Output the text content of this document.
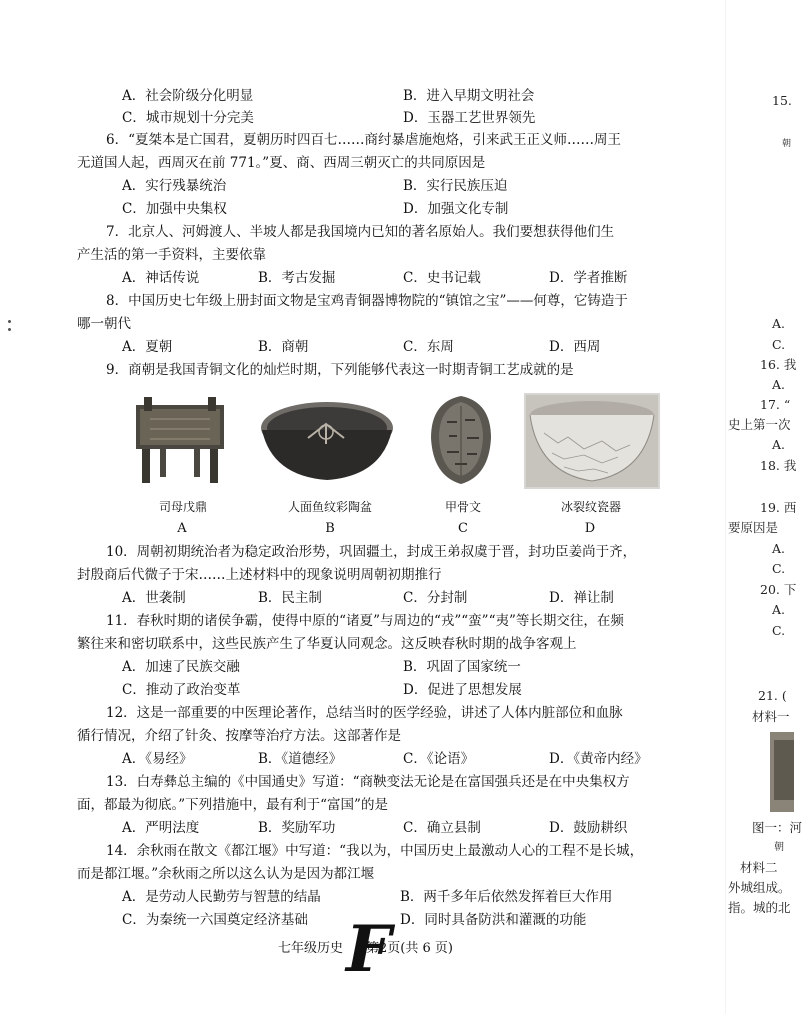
A．社会阶级分化明显	B．进入早期文明社会
C．城市规划十分完美	D．玉器工艺世界领先
6．“夏桀本是亡国君，夏朝历时四百七……商纣暴虐施炮烙，引来武王正义师……周王
无道国人起，西周灭在前 771。”夏、商、西周三朝灭亡的共同原因是
A．实行残暴统治	B．实行民族压迫
C．加强中央集权	D．加强文化专制
7．北京人、河姆渡人、半坡人都是我国境内已知的著名原始人。我们要想获得他们生
产生活的第一手资料，主要依靠
A．神话传说	B．考古发掘	C．史书记载	D．学者推断
8．中国历史七年级上册封面文物是宝鸡青铜器博物院的“镇馆之宝”——何尊，它铸造于
哪一朝代
A．夏朝	B．商朝	C．东周	D．西周
9．商朝是我国青铜文化的灿烂时期，下列能够代表这一时期青铜工艺成就的是
司母戊鼎	人面鱼纹彩陶盆	甲骨文	冰裂纹瓷器
A	B	C	D
10．周朝初期统治者为稳定政治形势，巩固疆土，封成王弟叔虞于晋，封功臣姜尚于齐，
封殷商后代微子于宋……上述材料中的现象说明周朝初期推行
A．世袭制	B．民主制	C．分封制	D．禅让制
11．春秋时期的诸侯争霸，使得中原的“诸夏”与周边的“戎”“蛮”“夷”等长期交往，在频
繁往来和密切联系中，这些民族产生了华夏认同观念。这反映春秋时期的战争客观上
A．加速了民族交融	B．巩固了国家统一
C．推动了政治变革	D．促进了思想发展
12．这是一部重要的中医理论著作，总结当时的医学经验，讲述了人体内脏部位和血脉
循行情况，介绍了针灸、按摩等治疗方法。这部著作是
A．《易经》	B．《道德经》	C．《论语》	D．《黄帝内经》
13．白寿彝总主编的《中国通史》写道：“商鞅变法无论是在富国强兵还是在中央集权方
面，都最为彻底。”下列措施中，最有利于“富国”的是
A．严明法度	B．奖励军功	C．确立县制	D．鼓励耕织
14．余秋雨在散文《都江堰》中写道：“我以为，中国历史上最激动人心的工程不是长城，
而是都江堰。”余秋雨之所以这么认为是因为都江堰
A．是劳动人民勤劳与智慧的结晶	B．两千多年后依然发挥着巨大作用
C．为秦统一六国奠定经济基础	D．同时具备防洪和灌溉的功能
七年级历史 F
第2页(共 6 页)
15.
朝
A.
C.
16. 我
A.
17. “
史上第一次
A.
18. 我
19. 西
要原因是
A.
C.
20. 下
A.
C.
21. (
材料一
图一：河
朝
材料二
外城组成。
指。城的北
